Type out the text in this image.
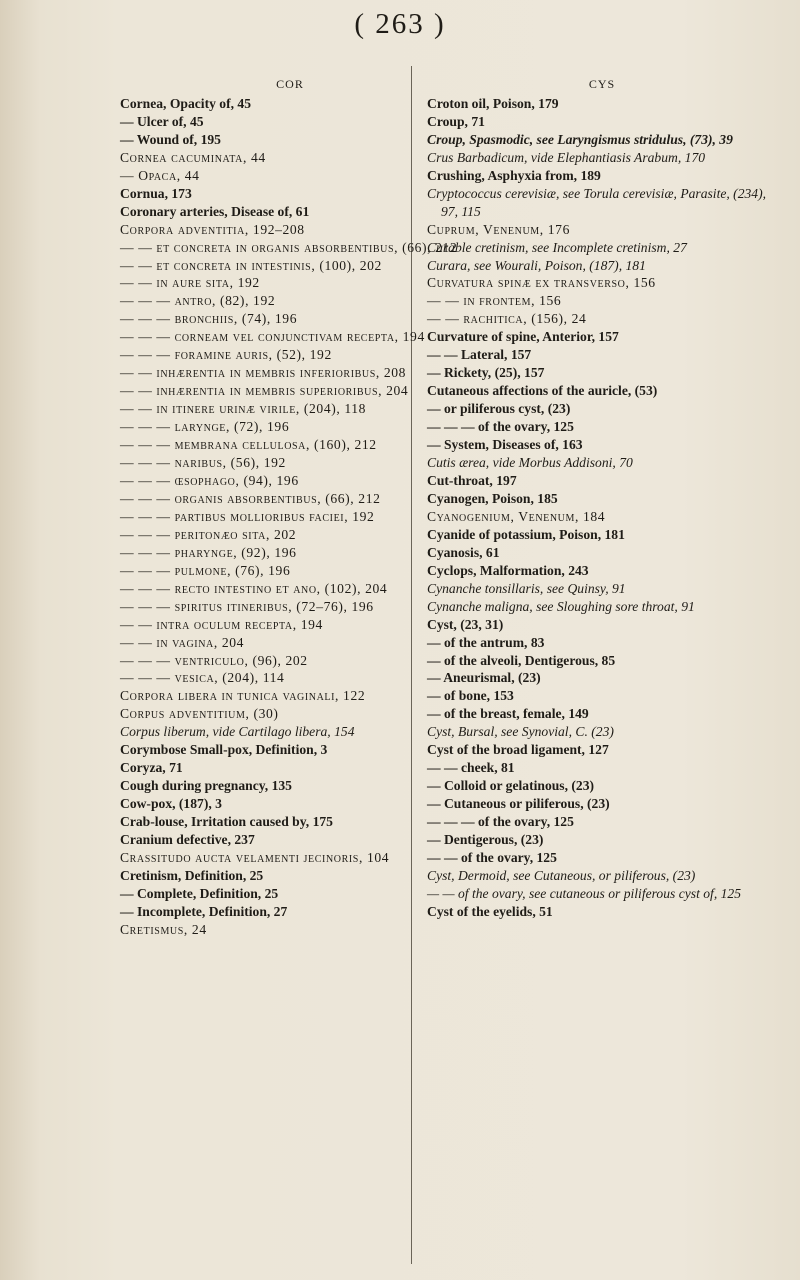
( 263 )
COR
Cornea, Opacity of, 45
— Ulcer of, 45
— Wound of, 195
Cornea cacuminata, 44
— Opaca, 44
Cornua, 173
Coronary arteries, Disease of, 61
Corpora adventitia, 192–208
— — et concreta in organis absorbentibus, (66), 212
— — et concreta in intestinis, (100), 202
— — in aure sita, 192
— — — antro, (82), 192
— — — bronchiis, (74), 196
— — — corneam vel conjunctivam recepta, 194
— — — foramine auris, (52), 192
— — inhærentia in membris inferioribus, 208
— — inhærentia in membris superioribus, 204
— — in itinere urinæ virile, (204), 118
— — — larynge, (72), 196
— — — membrana cellulosa, (160), 212
— — — naribus, (56), 192
— — — œsophago, (94), 196
— — — organis absorbentibus, (66), 212
— — — partibus mollioribus faciei, 192
— — — peritonæo sita, 202
— — — pharynge, (92), 196
— — — pulmone, (76), 196
— — — recto intestino et ano, (102), 204
— — — spiritus itineribus, (72–76), 196
— — intra oculum recepta, 194
— — in vagina, 204
— — — ventriculo, (96), 202
— — — vesica, (204), 114
Corpora libera in tunica vaginali, 122
Corpus adventitium, (30)
Corpus liberum, vide Cartilago libera, 154
Corymbose Small-pox, Definition, 3
Coryza, 71
Cough during pregnancy, 135
Cow-pox, (187), 3
Crab-louse, Irritation caused by, 175
Cranium defective, 237
Crassitudo aucta velamenti jecinoris, 104
Cretinism, Definition, 25
— Complete, Definition, 25
— Incomplete, Definition, 27
Cretismus, 24
CYS
Croton oil, Poison, 179
Croup, 71
Croup, Spasmodic, see Laryngismus stridulus, (73), 39
Crus Barbadicum, vide Elephantiasis Arabum, 170
Crushing, Asphyxia from, 189
Cryptococcus cerevisiæ, see Torula cerevisiæ, Parasite, (234), 97, 115
Cuprum, Venenum, 176
Curable cretinism, see Incomplete cretinism, 27
Curara, see Wourali, Poison, (187), 181
Curvatura spinæ ex transverso, 156
— — in frontem, 156
— — rachitica, (156), 24
Curvature of spine, Anterior, 157
— — Lateral, 157
— Rickety, (25), 157
Cutaneous affections of the auricle, (53)
— or piliferous cyst, (23)
— — — of the ovary, 125
— System, Diseases of, 163
Cutis ærea, vide Morbus Addisoni, 70
Cut-throat, 197
Cyanogen, Poison, 185
Cyanogenium, Venenum, 184
Cyanide of potassium, Poison, 181
Cyanosis, 61
Cyclops, Malformation, 243
Cynanche tonsillaris, see Quinsy, 91
Cynanche maligna, see Sloughing sore throat, 91
Cyst, (23, 31)
— of the antrum, 83
— of the alveoli, Dentigerous, 85
— Aneurismal, (23)
— of bone, 153
— of the breast, female, 149
Cyst, Bursal, see Synovial, C. (23)
Cyst of the broad ligament, 127
— — cheek, 81
— Colloid or gelatinous, (23)
— Cutaneous or piliferous, (23)
— — — of the ovary, 125
— Dentigerous, (23)
— — of the ovary, 125
Cyst, Dermoid, see Cutaneous, or piliferous, (23)
— — of the ovary, see cutaneous or piliferous cyst of, 125
Cyst of the eyelids, 51
